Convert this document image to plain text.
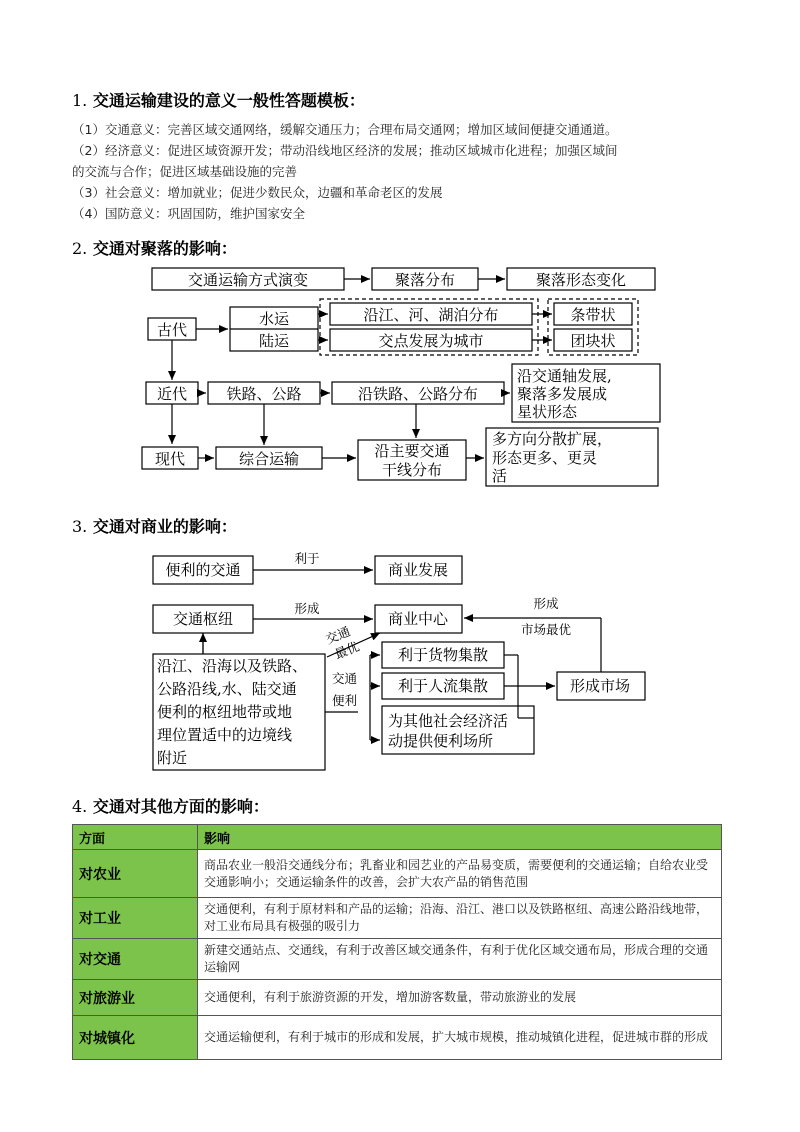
1. 交通运输建设的意义一般性答题模板：
（1）交通意义：完善区域交通网络，缓解交通压力；合理布局交通网；增加区域间便捷交通通道。
（2）经济意义：促进区域资源开发；带动沿线地区经济的发展；推动区域城市化进程；加强区域间
的交流与合作；促进区域基础设施的完善
（3）社会意义：增加就业；促进少数民众，边疆和革命老区的发展
（4）国防意义：巩固国防，维护国家安全
2. 交通对聚落的影响：
交通运输方式演变	聚落分布	聚落形态变化
古代
水运
陆运
沿江、河、湖泊分布
交点发展为城市
条带状
团块状
近代	铁路、公路	沿铁路、公路分布
沿交通轴发展,
聚落多发展成
星状形态
现代	综合运输	沿主要交通
干线分布
多方向分散扩展，
形态更多、更灵
活
便利的交通	商业发展
交通枢纽	商业中心
形成市场
利于货物集散
利于人流集散
为其他社会经济活
动提供便利场所
沿江、沿海以及铁路、
公路沿线,水、陆交通
便利的枢纽地带或地
理位置适中的边境线
附近
利于
形成	形成
市场最优
交通
最优
交通
便利
3. 交通对商业的影响：
4. 交通对其他方面的影响：
方面	影响
对农业	商品农业一般沿交通线分布；乳畜业和园艺业的产品易变质，需要便利的交通运输；自给农业受交通影响小；交通运输条件的改善，会扩大农产品的销售范围
对工业	交通便利，有利于原材料和产品的运输；沿海、沿江、港口以及铁路枢纽、高速公路沿线地带，对工业布局具有极强的吸引力
对交通	新建交通站点、交通线，有利于改善区域交通条件，有利于优化区域交通布局，形成合理的交通运输网
对旅游业	交通便利，有利于旅游资源的开发，增加游客数量，带动旅游业的发展
对城镇化	交通运输便利，有利于城市的形成和发展，扩大城市规模，推动城镇化进程，促进城市群的形成
